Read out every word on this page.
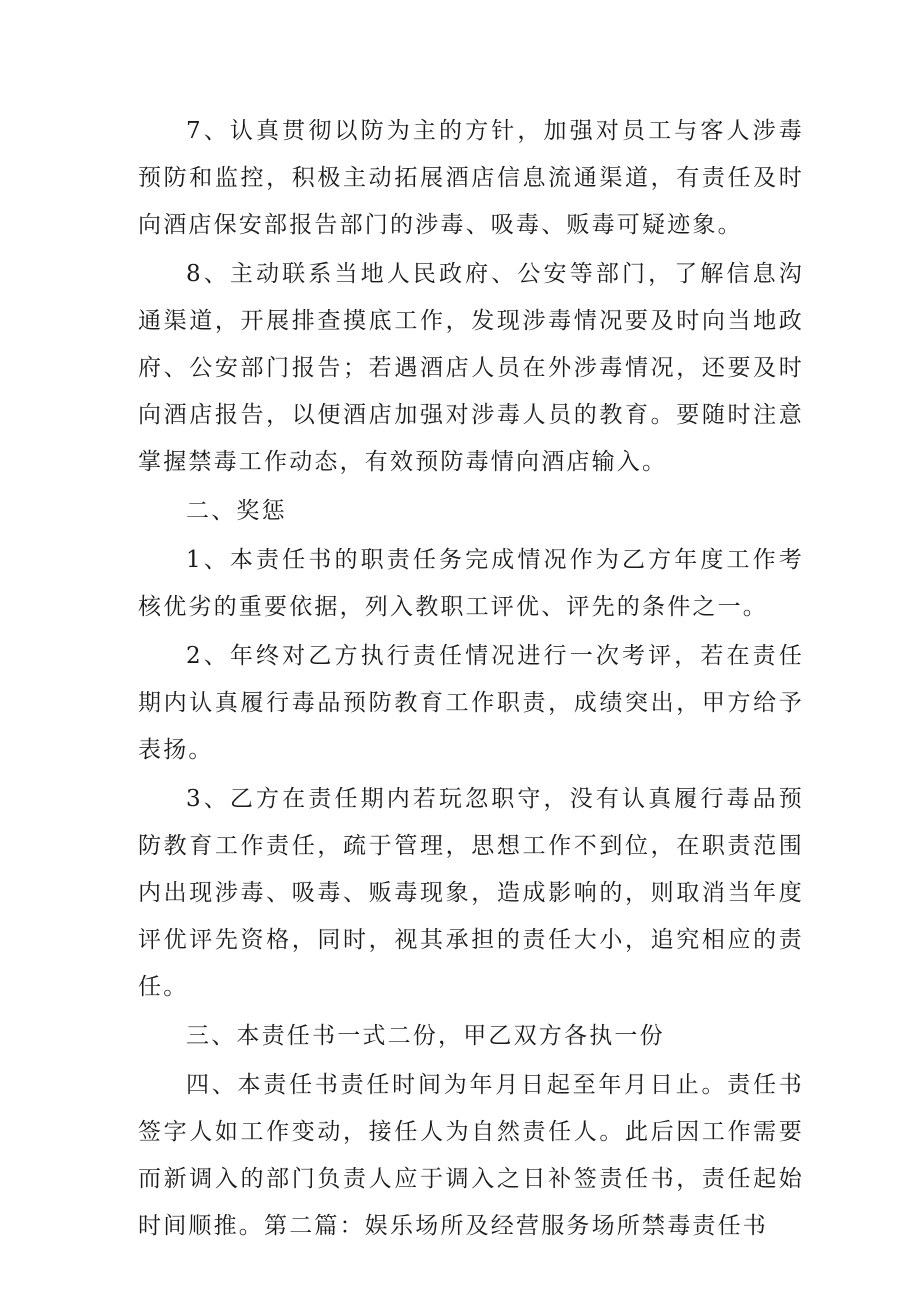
7、认真贯彻以防为主的方针，加强对员工与客人涉毒预防和监控，积极主动拓展酒店信息流通渠道，有责任及时向酒店保安部报告部门的涉毒、吸毒、贩毒可疑迹象。

8、主动联系当地人民政府、公安等部门，了解信息沟通渠道，开展排查摸底工作，发现涉毒情况要及时向当地政府、公安部门报告；若遇酒店人员在外涉毒情况，还要及时向酒店报告，以便酒店加强对涉毒人员的教育。要随时注意掌握禁毒工作动态，有效预防毒情向酒店输入。

二、奖惩

1、本责任书的职责任务完成情况作为乙方年度工作考核优劣的重要依据，列入教职工评优、评先的条件之一。

2、年终对乙方执行责任情况进行一次考评，若在责任期内认真履行毒品预防教育工作职责，成绩突出，甲方给予表扬。

3、乙方在责任期内若玩忽职守，没有认真履行毒品预防教育工作责任，疏于管理，思想工作不到位，在职责范围内出现涉毒、吸毒、贩毒现象，造成影响的，则取消当年度评优评先资格，同时，视其承担的责任大小，追究相应的责任。

三、本责任书一式二份，甲乙双方各执一份

四、本责任书责任时间为年月日起至年月日止。责任书签字人如工作变动，接任人为自然责任人。此后因工作需要而新调入的部门负责人应于调入之日补签责任书，责任起始时间顺推。第二篇：娱乐场所及经营服务场所禁毒责任书
